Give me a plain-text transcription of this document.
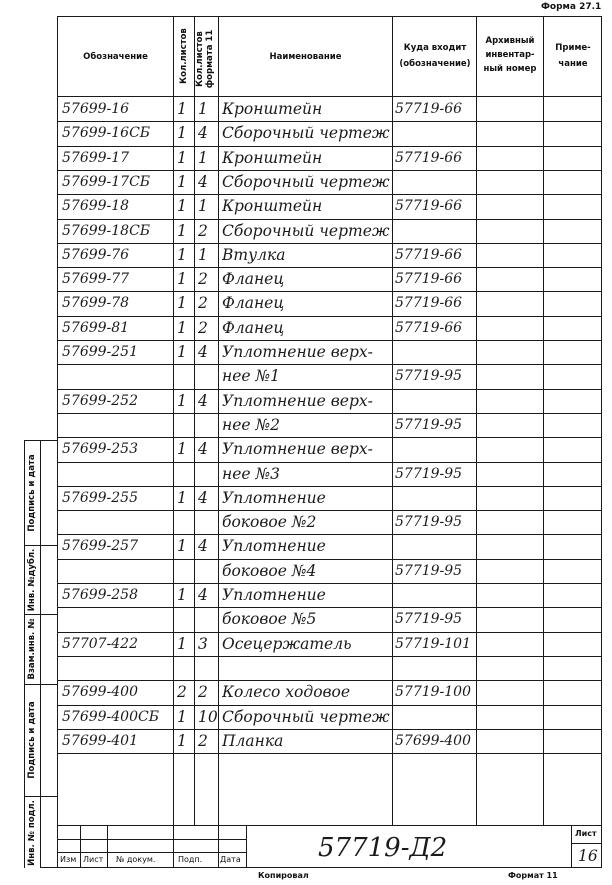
Форма 27.1
Обозначение	Кол.листов Кол.листов формата 11	Наименование
Куда входит (обозначение)
Архивный инвентар-ный номер
Приме-чание
57699-16	1 1 Кронштейн	57719-66
57699-16СБ 1 4 Сборочный чертеж
57699-17	1 1 Кронштейн	57719-66
57699-17СБ 1 4 Сборочный чертеж
57699-18	1 1 Кронштейн	57719-66
57699-18СБ 1 2 Сборочный чертеж
57699-76	1 1 Втулка	57719-66
57699-77	1 2 Фланец	57719-66
57699-78	1 2 Фланец	57719-66
57699-81	1 2 Фланец	57719-66
57699-251	1 4 Уплотнение верх-
нее №1	57719-95
57699-252	1 4 Уплотнение верх-
нее №2	57719-95
57699-253	1 4 Уплотнение верх-
нее №3	57719-95
57699-255	1 4 Уплотнение
боковое №2	57719-95
57699-257	1 4 Уплотнение
боковое №4	57719-95
57699-258	1 4 Уплотнение
боковое №5	57719-95
57707-422	1 3 Осецержатель	57719-101
57699-400	2 2 Колесо ходовое	57719-100
57699-400СБ 1 10 Сборочный чертеж
57699-401	1 2 Планка	57699-400
Подпись и дата
Инв. №дубл.
Взам.инв. №
Подпись и дата
Инв. № подл.	Изм Лист № докум.	Подп. Дата	57719-Д2	Лист
16
Копировал	Формат 11
